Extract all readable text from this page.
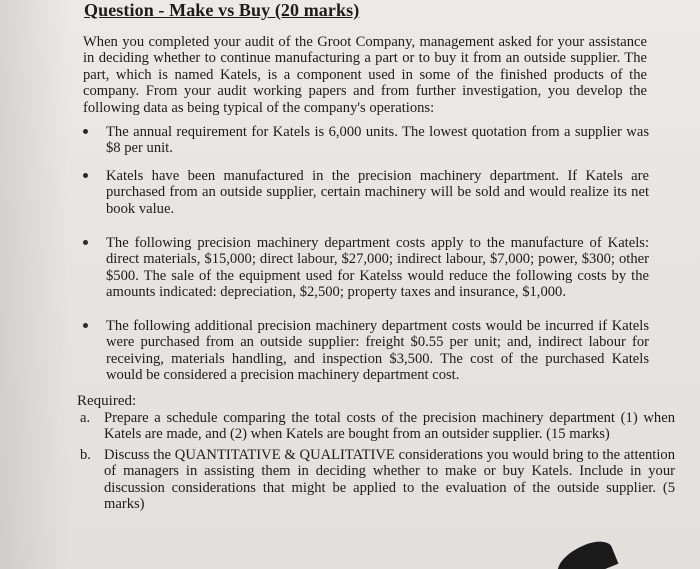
Question - Make vs Buy (20 marks)

When you completed your audit of the Groot Company, management asked for your assistance in deciding whether to continue manufacturing a part or to buy it from an outside supplier. The part, which is named Katels, is a component used in some of the finished products of the company. From your audit working papers and from further investigation, you develop the following data as being typical of the company's operations:

The annual requirement for Katels is 6,000 units. The lowest quotation from a supplier was $8 per unit.

Katels have been manufactured in the precision machinery department. If Katels are purchased from an outside supplier, certain machinery will be sold and would realize its net book value.

The following precision machinery department costs apply to the manufacture of Katels: direct materials, $15,000; direct labour, $27,000; indirect labour, $7,000; power, $300; other $500. The sale of the equipment used for Katelss would reduce the following costs by the amounts indicated: depreciation, $2,500; property taxes and insurance, $1,000.

The following additional precision machinery department costs would be incurred if Katels were purchased from an outside supplier: freight $0.55 per unit; and, indirect labour for receiving, materials handling, and inspection $3,500. The cost of the purchased Katels would be considered a precision machinery department cost.

Required:

a. Prepare a schedule comparing the total costs of the precision machinery department (1) when Katels are made, and (2) when Katels are bought from an outsider supplier. (15 marks)

b. Discuss the QUANTITATIVE & QUALITATIVE considerations you would bring to the attention of managers in assisting them in deciding whether to make or buy Katels. Include in your discussion considerations that might be applied to the evaluation of the outside supplier. (5 marks)
